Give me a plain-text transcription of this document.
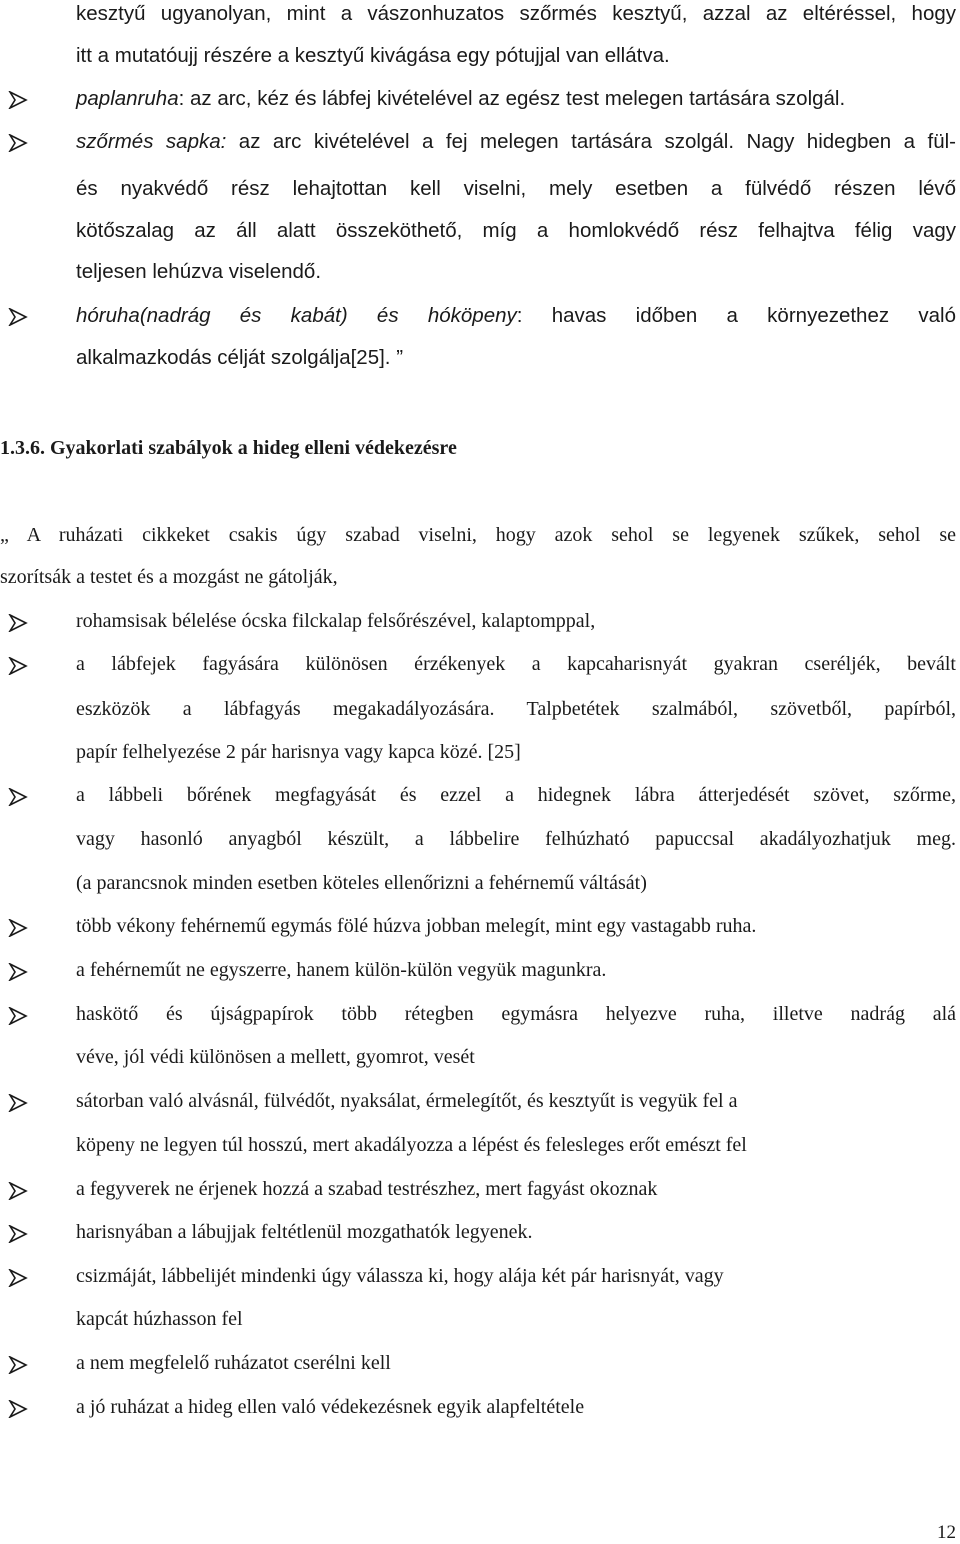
kesztyű ugyanolyan, mint a vászonhuzatos szőrmés kesztyű, azzal az eltéréssel, hogy
itt a mutatóujj részére a kesztyű kivágása egy pótujjal van ellátva.
paplanruha: az arc, kéz és lábfej kivételével az egész test melegen tartására szolgál.
szőrmés sapka: az arc kivételével a fej melegen tartására szolgál. Nagy hidegben a fül-
és nyakvédő rész lehajtottan kell viselni, mely esetben a fülvédő részen lévő
kötőszalag az áll alatt összeköthető, míg a homlokvédő rész felhajtva félig vagy
teljesen lehúzva viselendő.
hóruha(nadrág és kabát) és hóköpeny: havas időben a környezethez való
alkalmazkodás célját szolgálja[25]. ”
1.3.6. Gyakorlati szabályok a hideg elleni védekezésre
„ A ruházati cikkeket csakis úgy szabad viselni, hogy azok sehol se legyenek szűkek, sehol se
szorítsák a testet és a mozgást ne gátolják,
rohamsisak bélelése ócska filckalap felsőrészével, kalaptomppal,
a lábfejek fagyására különösen érzékenyek a kapcaharisnyát gyakran cseréljék, bevált
eszközök a lábfagyás megakadályozására. Talpbetétek szalmából, szövetből, papírból,
papír felhelyezése 2 pár harisnya vagy kapca közé. [25]
a lábbeli bőrének megfagyását és ezzel a hidegnek lábra átterjedését szövet, szőrme,
vagy hasonló anyagból készült, a lábbelire felhúzható papuccsal akadályozhatjuk meg.
(a parancsnok minden esetben köteles ellenőrizni a fehérnemű váltását)
több vékony fehérnemű egymás fölé húzva jobban melegít, mint egy vastagabb ruha.
a fehérneműt ne egyszerre, hanem külön-külön vegyük magunkra.
haskötő és újságpapírok több rétegben egymásra helyezve ruha, illetve nadrág alá
véve, jól védi különösen a mellett, gyomrot, vesét
sátorban való alvásnál, fülvédőt, nyaksálat, érmelegítőt, és kesztyűt is vegyük fel a
köpeny ne legyen túl hosszú, mert akadályozza a lépést és felesleges erőt emészt fel
a fegyverek ne érjenek hozzá a szabad testrészhez, mert fagyást okoznak
harisnyában a lábujjak feltétlenül mozgathatók legyenek.
csizmáját, lábbelijét mindenki úgy válassza ki, hogy alája két pár harisnyát, vagy
kapcát húzhasson fel
a nem megfelelő ruházatot cserélni kell
a jó ruházat a hideg ellen való védekezésnek egyik alapfeltétele
12
